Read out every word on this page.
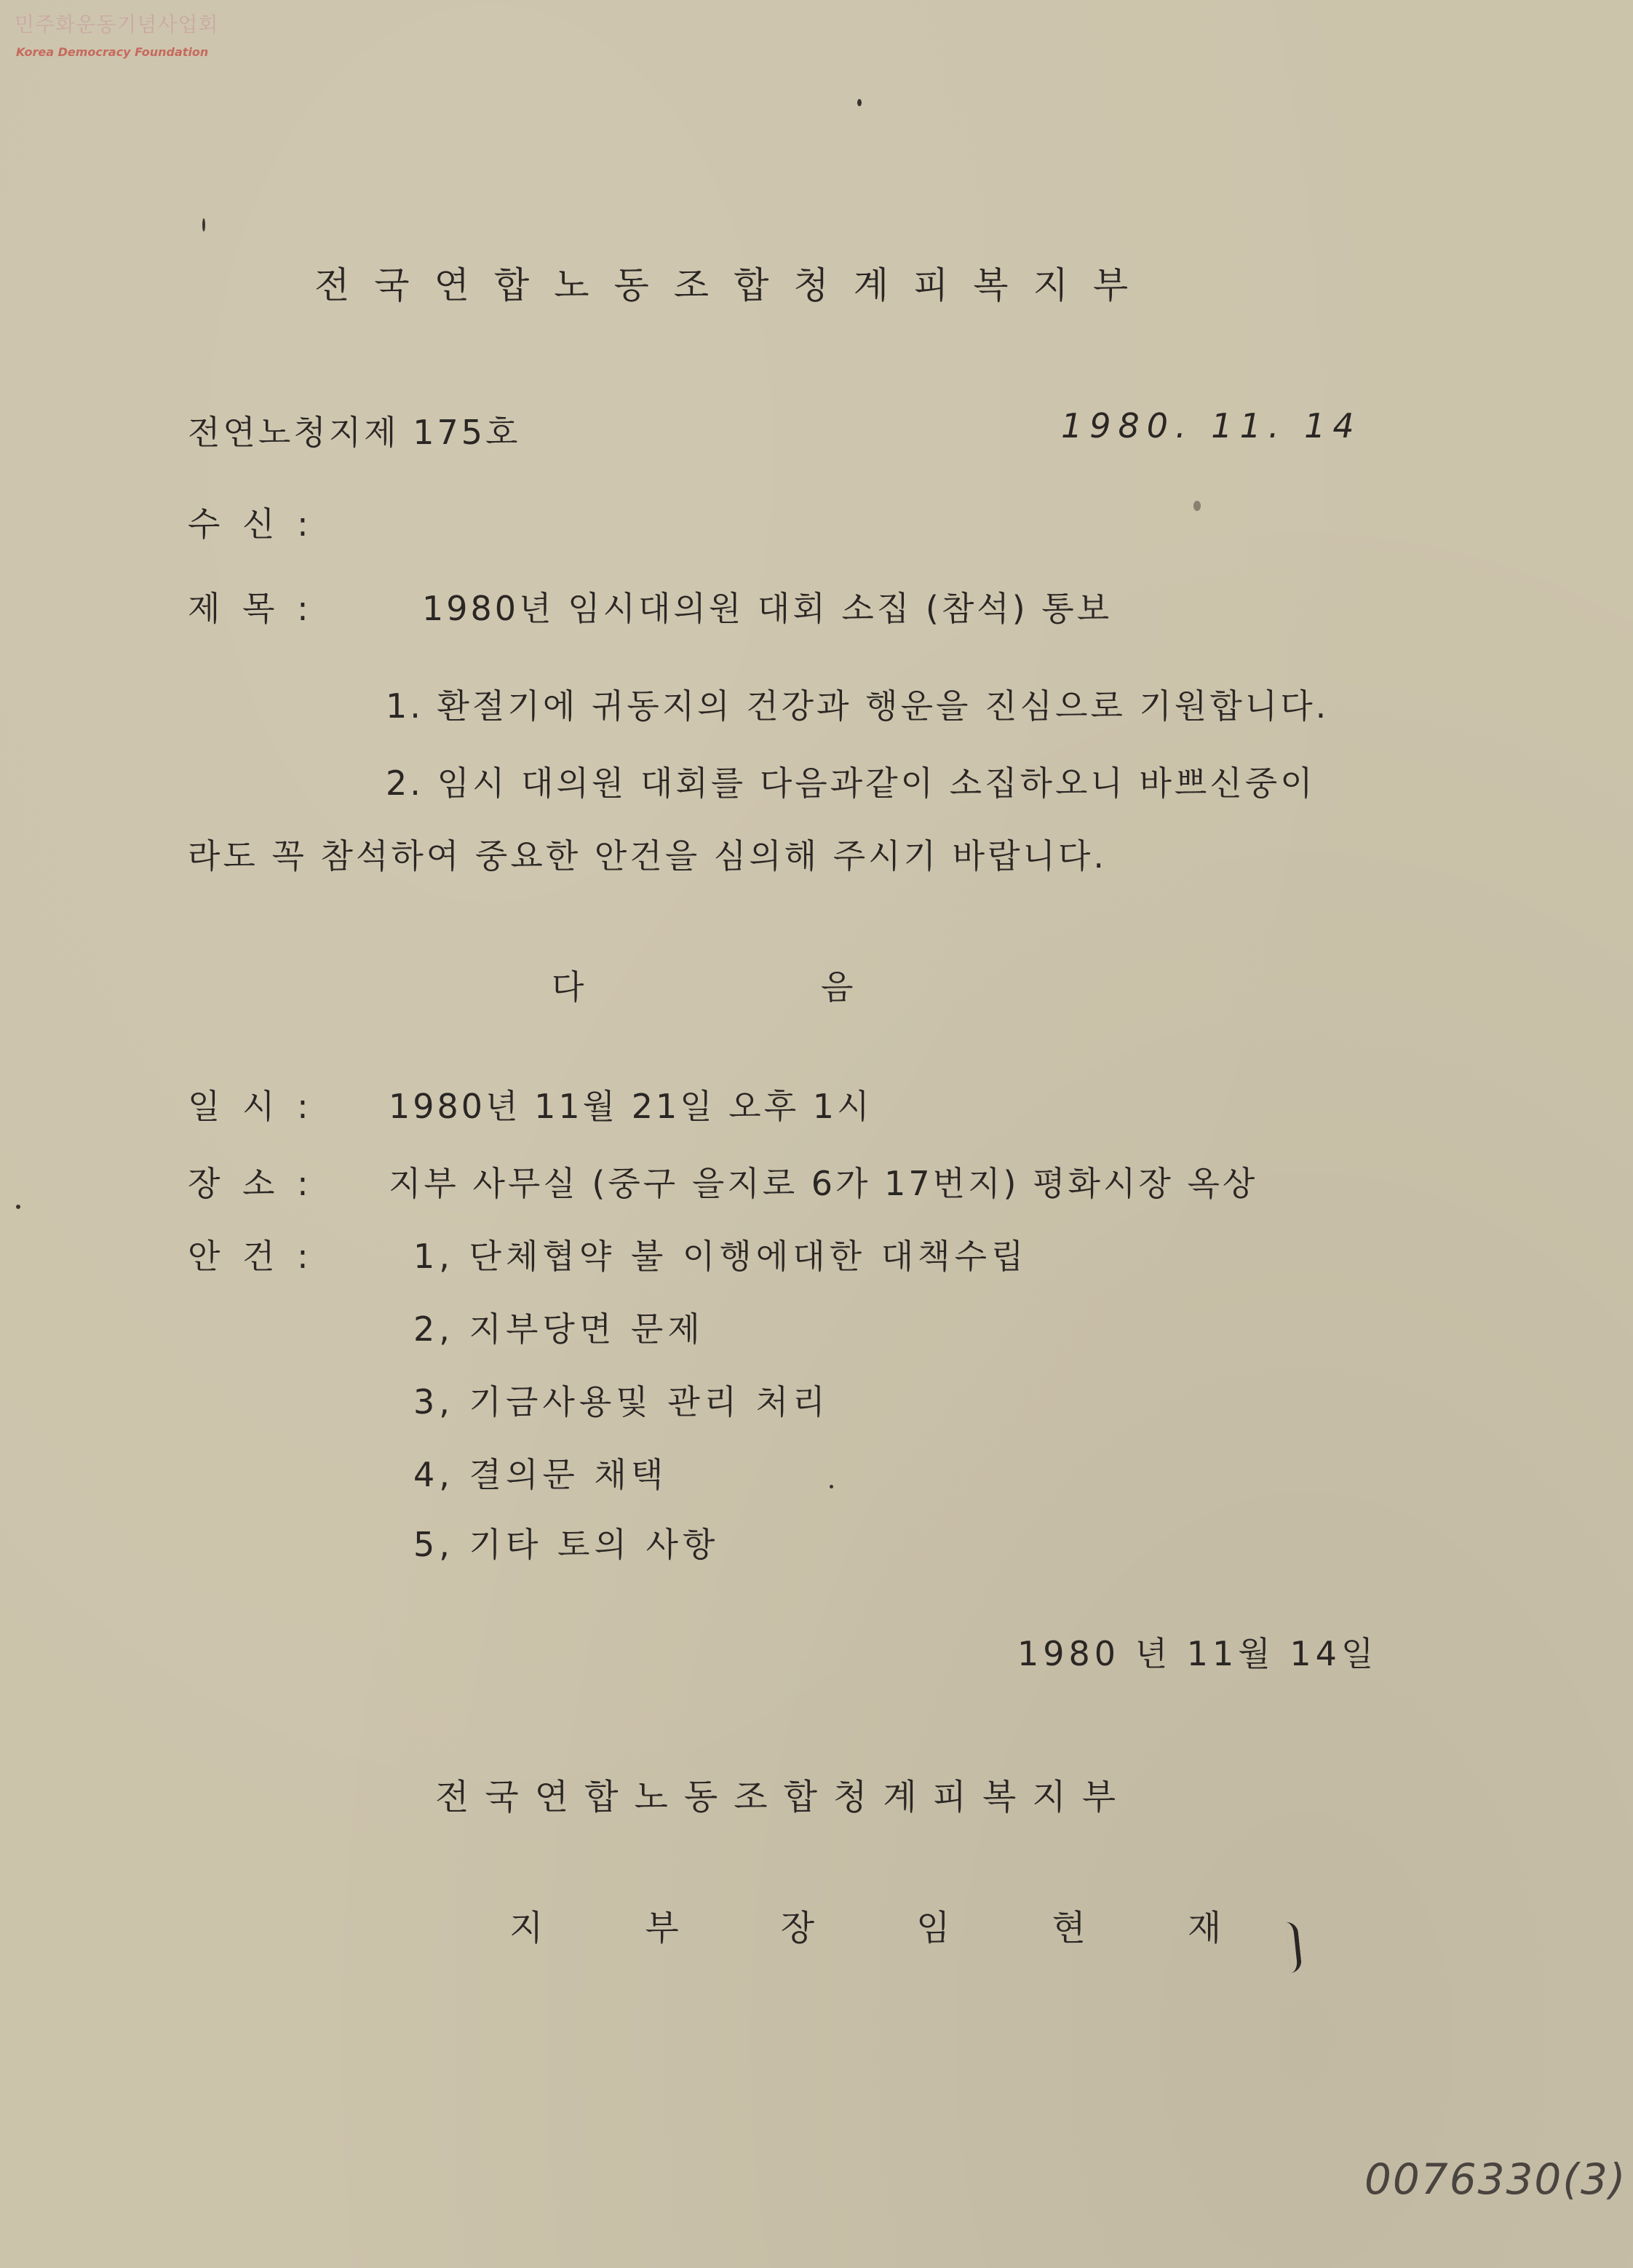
민주화운동기념사업회
Korea Democracy Foundation
전국연합노동조합청계피복지부
전연노청지제 175호	1980. 11. 14
수 신 :
제 목 :	1980년 임시대의원 대회 소집 (참석) 통보
1. 환절기에 귀동지의 건강과 행운을 진심으로 기원합니다.
2. 임시 대의원 대회를 다음과같이 소집하오니 바쁘신중이
라도 꼭 참석하여 중요한 안건을 심의해 주시기 바랍니다.
다	음
일 시 : 1980년 11월 21일 오후 1시
장 소 : 지부 사무실 (중구 을지로 6가 17번지) 평화시장 옥상
안 건 :	1, 단체협약 불 이행에대한 대책수립
2, 지부당면 문제
3, 기금사용및 관리 처리
4, 결의문 채택
5, 기타 토의 사항
1980 년 11월 14일
전국연합노동조합청계피복지부
지부장임현재
0076330(3)
